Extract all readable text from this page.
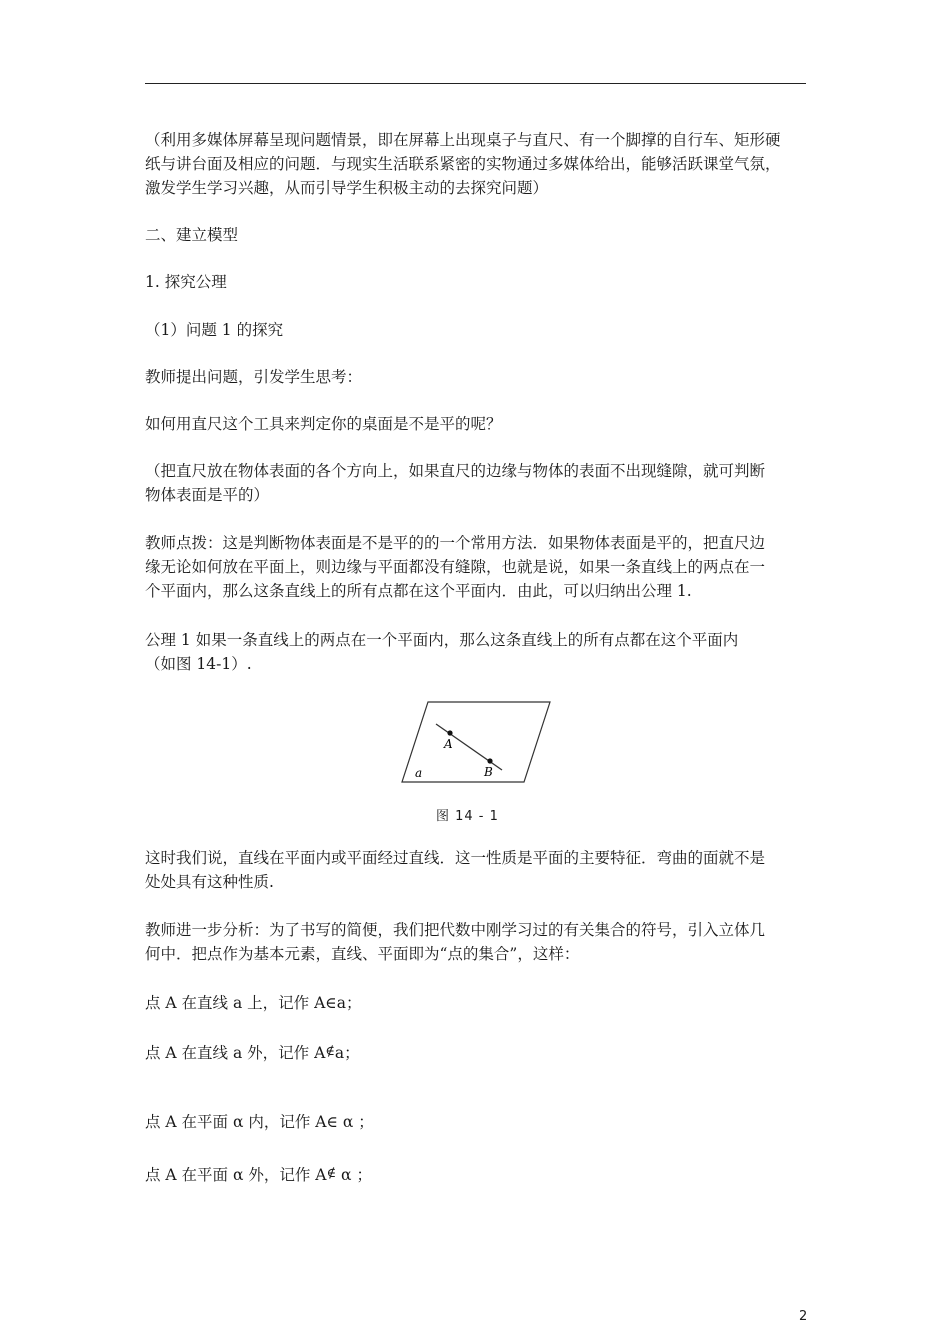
（利用多媒体屏幕呈现问题情景，即在屏幕上出现桌子与直尺、有一个脚撑的自行车、矩形硬
纸与讲台面及相应的问题．与现实生活联系紧密的实物通过多媒体给出，能够活跃课堂气氛，
激发学生学习兴趣，从而引导学生积极主动的去探究问题）

二、建立模型

1. 探究公理

（1）问题 1 的探究

教师提出问题，引发学生思考：

如何用直尺这个工具来判定你的桌面是不是平的呢？

（把直尺放在物体表面的各个方向上，如果直尺的边缘与物体的表面不出现缝隙，就可判断
物体表面是平的）

教师点拨：这是判断物体表面是不是平的的一个常用方法．如果物体表面是平的，把直尺边
缘无论如何放在平面上，则边缘与平面都没有缝隙，也就是说，如果一条直线上的两点在一
个平面内，那么这条直线上的所有点都在这个平面内．由此，可以归纳出公理 1.

公理 1 如果一条直线上的两点在一个平面内，那么这条直线上的所有点都在这个平面内
（如图 14-1）.

A
B
a
图 14 - 1

这时我们说，直线在平面内或平面经过直线．这一性质是平面的主要特征．弯曲的面就不是
处处具有这种性质.

教师进一步分析：为了书写的简便，我们把代数中刚学习过的有关集合的符号，引入立体几
何中．把点作为基本元素，直线、平面即为“点的集合”，这样：

点 A 在直线 a 上，记作 A∈a；

点 A 在直线 a 外，记作 A∉a；

点 A 在平面 α 内，记作 A∈ α ；

点 A 在平面 α 外，记作 A∉ α ；

2
